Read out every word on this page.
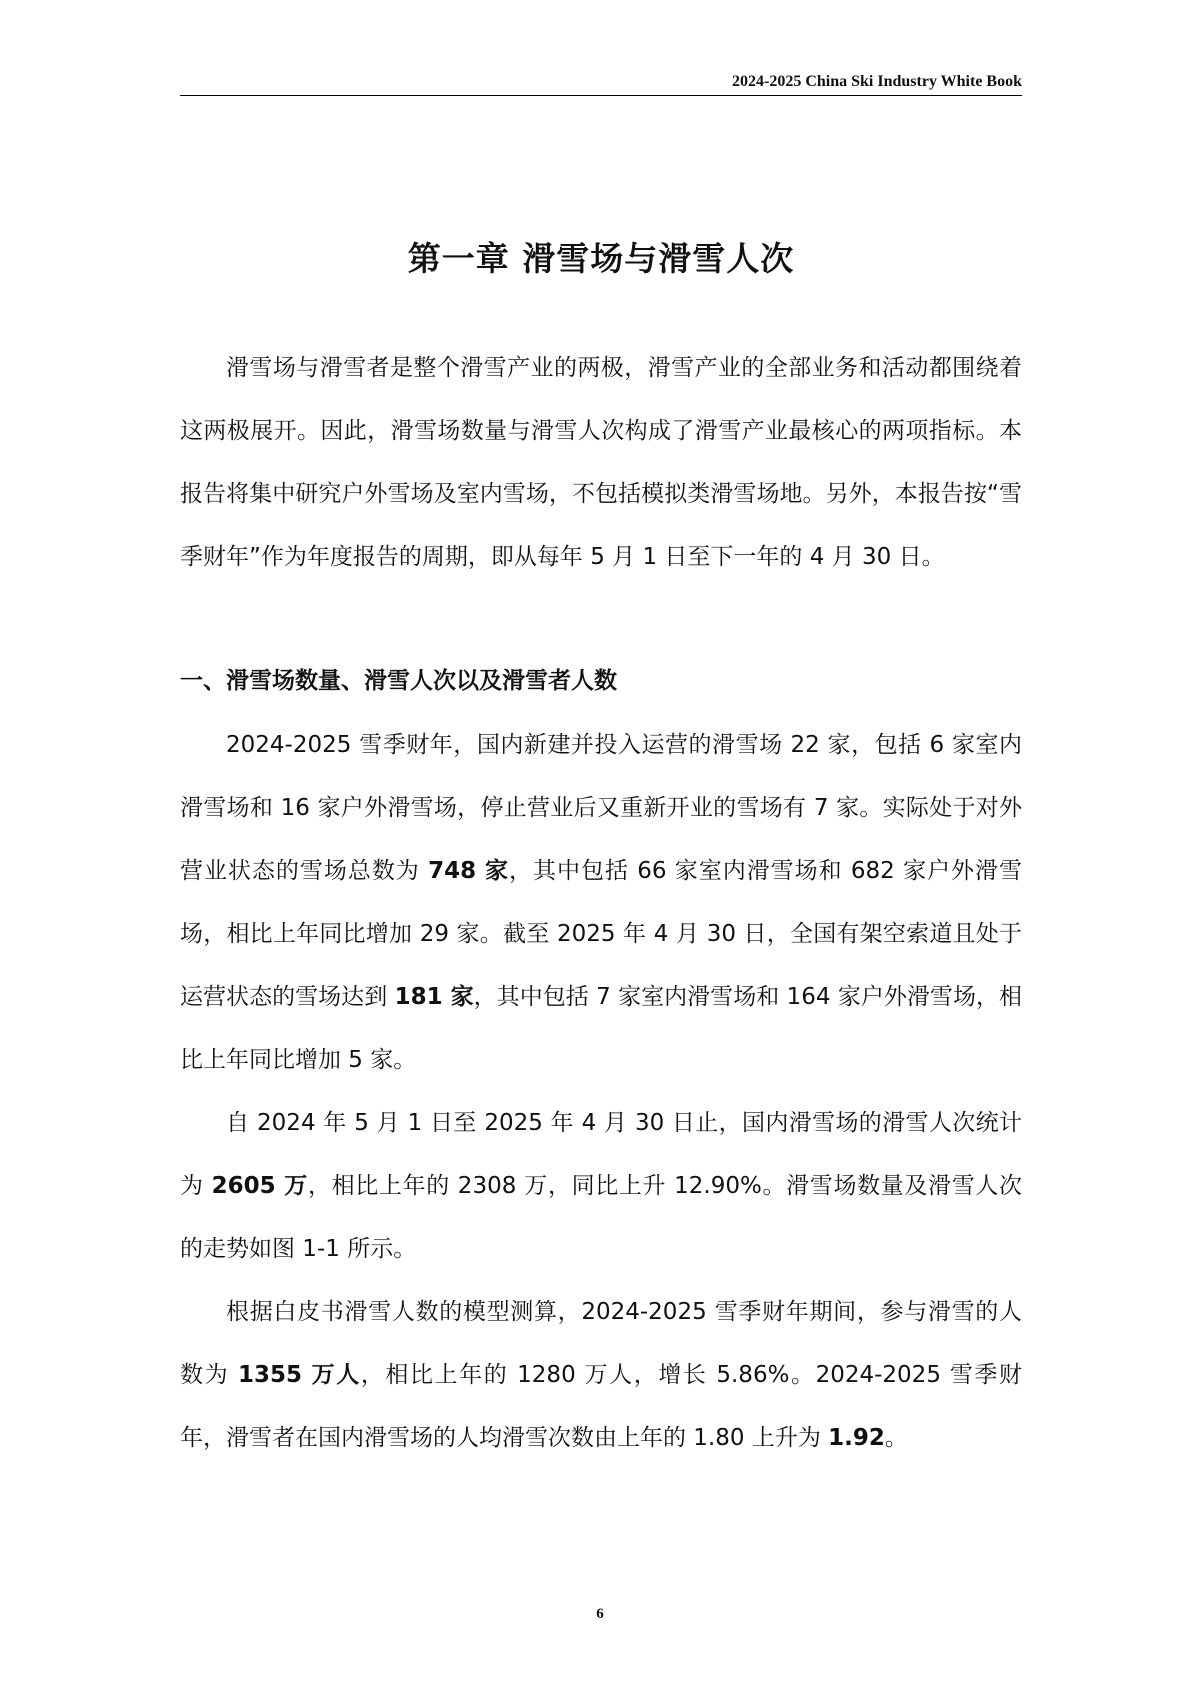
2024-2025 China Ski Industry White Book
第一章 滑雪场与滑雪人次

滑雪场与滑雪者是整个滑雪产业的两极，滑雪产业的全部业务和活动都围绕着这两极展开。因此，滑雪场数量与滑雪人次构成了滑雪产业最核心的两项指标。本报告将集中研究户外雪场及室内雪场，不包括模拟类滑雪场地。另外，本报告按“雪季财年”作为年度报告的周期，即从每年 5 月 1 日至下一年的 4 月 30 日。

一、滑雪场数量、滑雪人次以及滑雪者人数

2024-2025 雪季财年，国内新建并投入运营的滑雪场 22 家，包括 6 家室内滑雪场和 16 家户外滑雪场，停止营业后又重新开业的雪场有 7 家。实际处于对外营业状态的雪场总数为 748 家，其中包括 66 家室内滑雪场和 682 家户外滑雪场，相比上年同比增加 29 家。截至 2025 年 4 月 30 日，全国有架空索道且处于运营状态的雪场达到 181 家，其中包括 7 家室内滑雪场和 164 家户外滑雪场，相比上年同比增加 5 家。

自 2024 年 5 月 1 日至 2025 年 4 月 30 日止，国内滑雪场的滑雪人次统计为 2605 万，相比上年的 2308 万，同比上升 12.90%。滑雪场数量及滑雪人次的走势如图 1-1 所示。

根据白皮书滑雪人数的模型测算，2024-2025 雪季财年期间，参与滑雪的人数为 1355 万人，相比上年的 1280 万人，增长 5.86%。2024-2025 雪季财年，滑雪者在国内滑雪场的人均滑雪次数由上年的 1.80 上升为 1.92。

6
